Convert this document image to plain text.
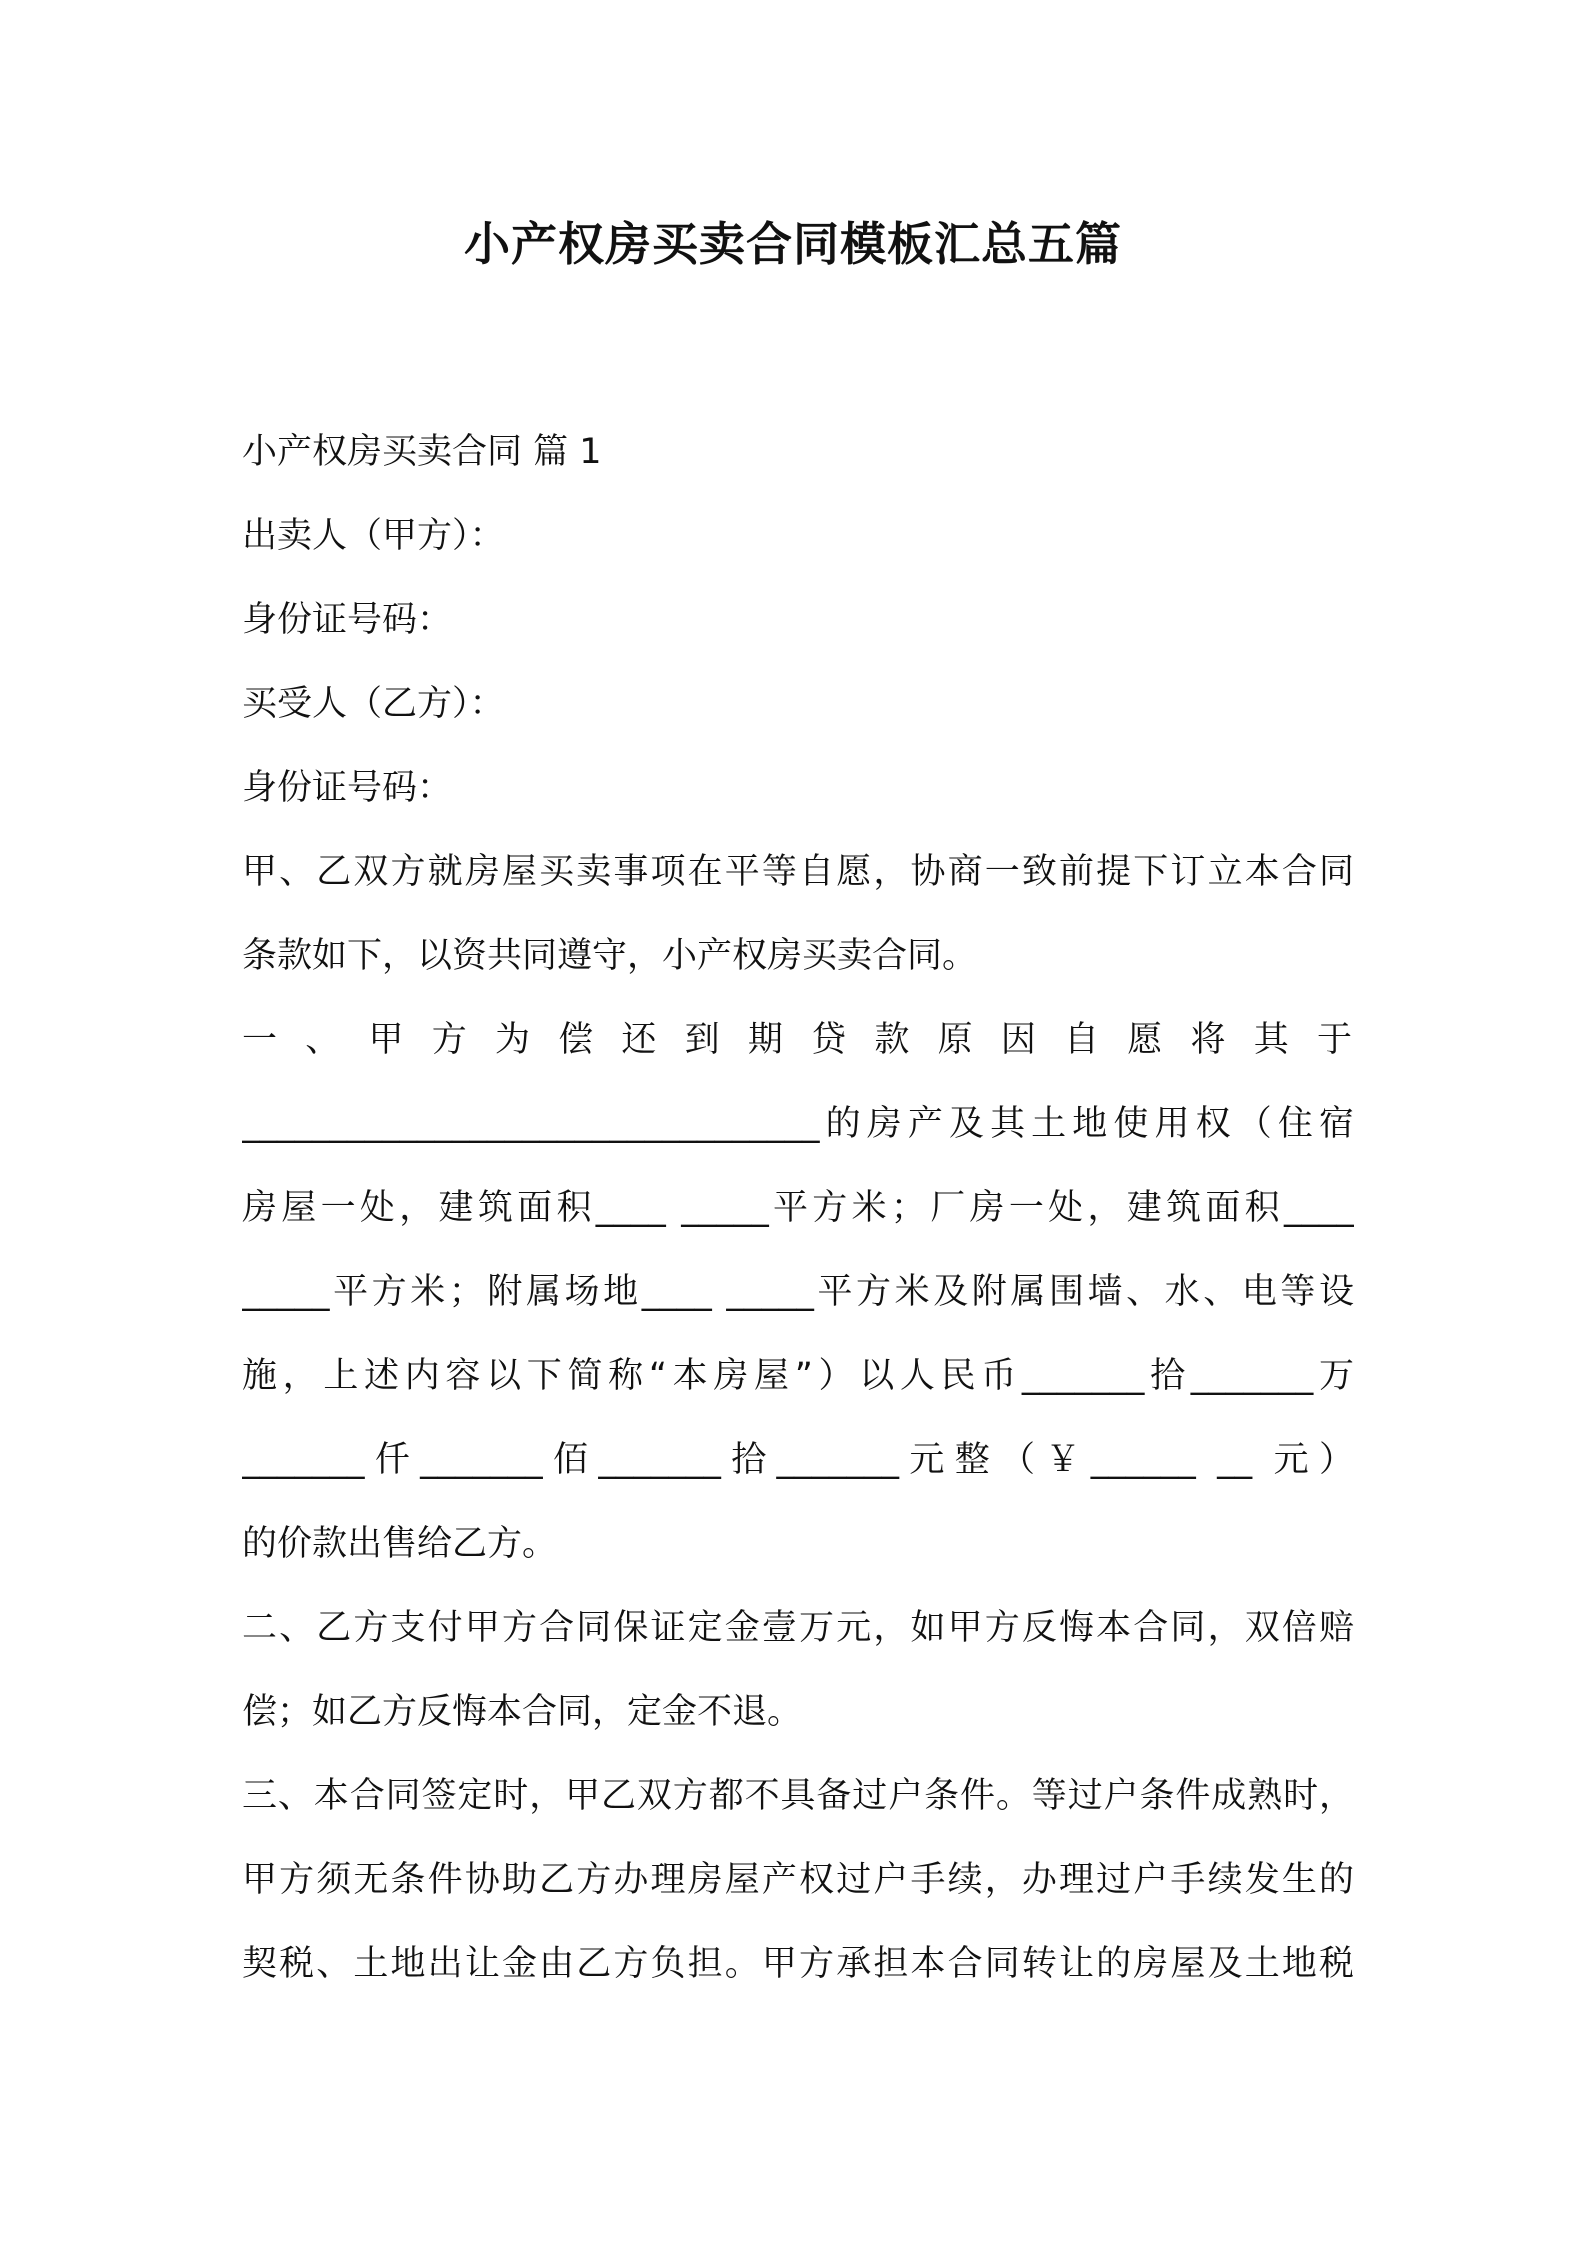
小产权房买卖合同模板汇总五篇
小产权房买卖合同 篇 1
出卖人（甲方）：
身份证号码：
买受人（乙方）：
身份证号码：
甲、乙双方就房屋买卖事项在平等自愿，协商一致前提下订立本合同
条款如下，以资共同遵守，小产权房买卖合同。
一 、 甲 方 为 偿 还 到 期 贷 款 原 因 自 愿 将 其 于
_________________________________的房产及其土地使用权（住宿
房屋一处，建筑面积____ _____平方米；厂房一处，建筑面积____
_____平方米；附属场地____ _____平方米及附属围墙、水、电等设
施，上述内容以下简称“本房屋”）以人民币_______拾_______万
_______仟_______佰_______拾_______元整（￥______ __ 元）
的价款出售给乙方。
二、乙方支付甲方合同保证定金壹万元，如甲方反悔本合同，双倍赔
偿；如乙方反悔本合同，定金不退。
三、本合同签定时，甲乙双方都不具备过户条件。等过户条件成熟时，
甲方须无条件协助乙方办理房屋产权过户手续，办理过户手续发生的
契税、土地出让金由乙方负担。甲方承担本合同转让的房屋及土地税
